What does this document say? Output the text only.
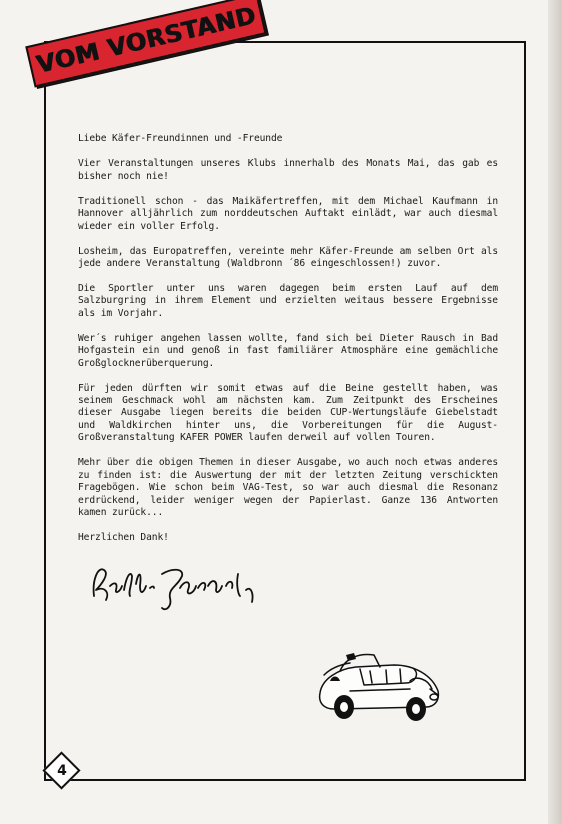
VOM VORSTAND

Liebe Käfer-Freundinnen und -Freunde

Vier Veranstaltungen unseres Klubs innerhalb des Monats Mai, das gab es bisher noch nie!

Traditionell schon - das Maikäfertreffen, mit dem Michael Kaufmann in Hannover alljährlich zum norddeutschen Auftakt einlädt, war auch diesmal wieder ein voller Erfolg.

Losheim, das Europatreffen, vereinte mehr Käfer-Freunde am selben Ort als jede andere Veranstaltung (Waldbronn ´86 eingeschlossen!) zuvor.

Die Sportler unter uns waren dagegen beim ersten Lauf auf dem Salzburgring in ihrem Element und erzielten weitaus bessere Ergebnisse als im Vorjahr.

Wer´s ruhiger angehen lassen wollte, fand sich bei Dieter Rausch in Bad Hofgastein ein und genoß in fast familiärer Atmosphäre eine gemächliche Großglocknerüberquerung.

Für jeden dürften wir somit etwas auf die Beine gestellt haben, was seinem Geschmack wohl am nächsten kam. Zum Zeitpunkt des Erscheines dieser Ausgabe liegen bereits die beiden CUP-Wertungsläufe Giebelstadt und Waldkirchen hinter uns, die Vorbereitungen für die August-Großveranstaltung KAFER POWER laufen derweil auf vollen Touren.

Mehr über die obigen Themen in dieser Ausgabe, wo auch noch etwas anderes zu finden ist: die Auswertung der mit der letzten Zeitung verschickten Fragebögen. Wie schon beim VAG-Test, so war auch diesmal die Resonanz erdrückend, leider weniger wegen der Papierlast. Ganze 136 Antworten kamen zurück...

Herzlichen Dank!

4
